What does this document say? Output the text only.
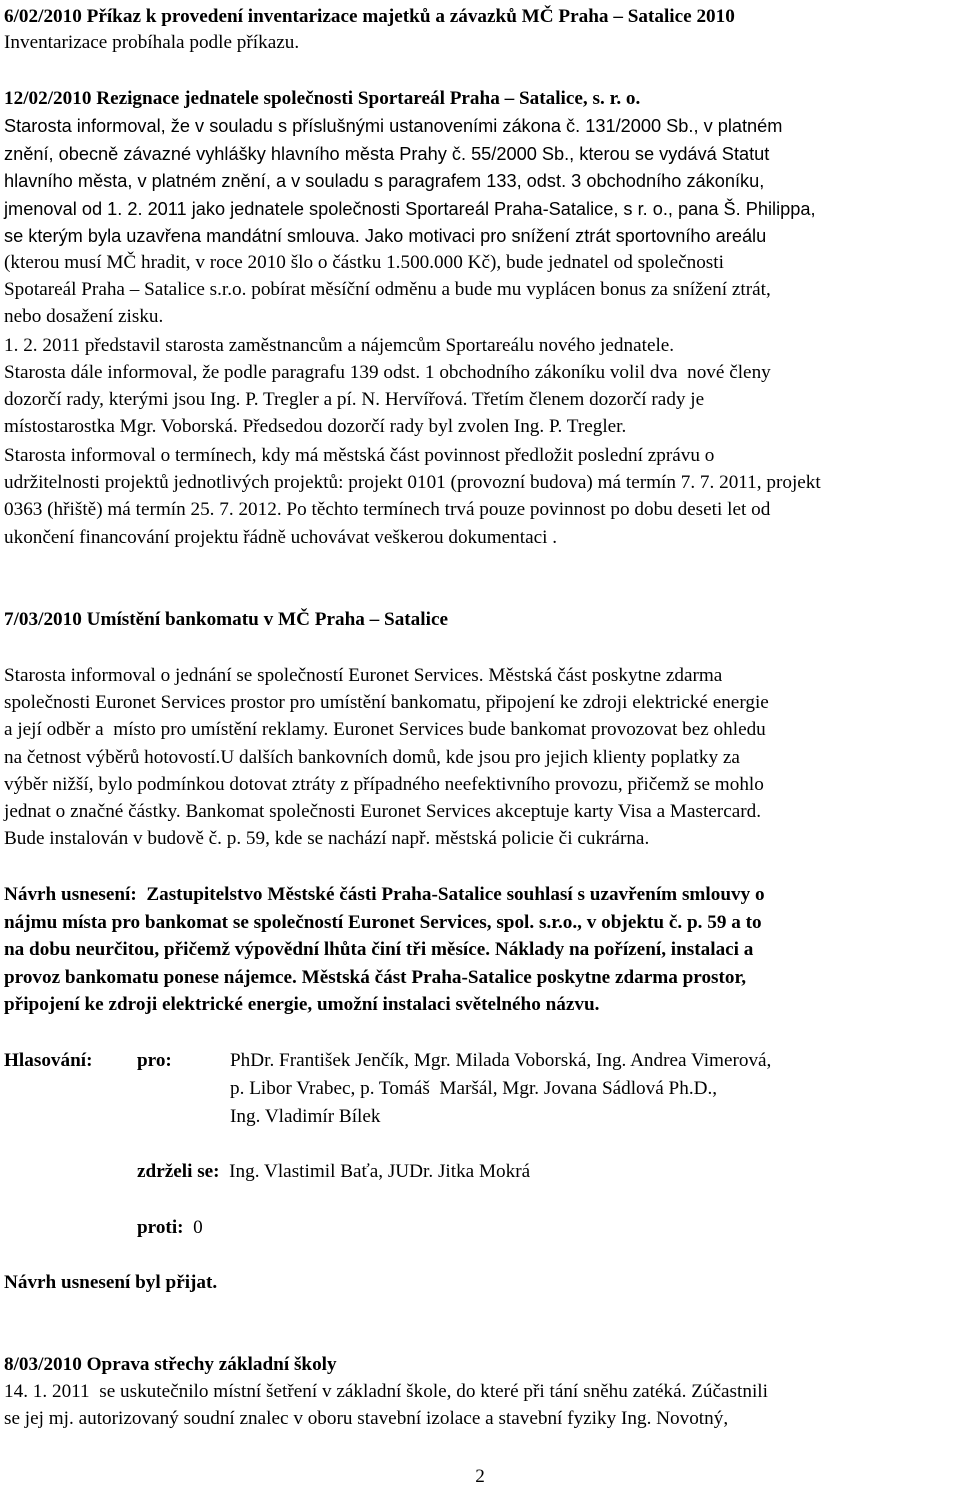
6/02/2010 Příkaz k provedení inventarizace majetků a závazků MČ Praha – Satalice 2010
Inventarizace probíhala podle příkazu.
12/02/2010 Rezignace jednatele společnosti Sportareál Praha – Satalice, s. r. o.
Starosta informoval, že v souladu s příslušnými ustanoveními zákona č. 131/2000 Sb., v platném
znění, obecně závazné vyhlášky hlavního města Prahy č. 55/2000 Sb., kterou se vydává Statut
hlavního města, v platném znění, a v souladu s paragrafem 133, odst. 3 obchodního zákoníku,
jmenoval od 1. 2. 2011 jako jednatele společnosti Sportareál Praha-Satalice, s r. o., pana Š. Philippa,
se kterým byla uzavřena mandátní smlouva. Jako motivaci pro snížení ztrát sportovního areálu
(kterou musí MČ hradit, v roce 2010 šlo o částku 1.500.000 Kč), bude jednatel od společnosti
Spotareál Praha – Satalice s.r.o. pobírat měsíční odměnu a bude mu vyplácen bonus za snížení ztrát,
nebo dosažení zisku.
1. 2. 2011 představil starosta zaměstnancům a nájemcům Sportareálu nového jednatele.
Starosta dále informoval, že podle paragrafu 139 odst. 1 obchodního zákoníku volil dva  nové členy
dozorčí rady, kterými jsou Ing. P. Tregler a pí. N. Hervířová. Třetím členem dozorčí rady je
místostarostka Mgr. Voborská. Předsedou dozorčí rady byl zvolen Ing. P. Tregler.
Starosta informoval o termínech, kdy má městská část povinnost předložit poslední zprávu o
udržitelnosti projektů jednotlivých projektů: projekt 0101 (provozní budova) má termín 7. 7. 2011, projekt
0363 (hřiště) má termín 25. 7. 2012. Po těchto termínech trvá pouze povinnost po dobu deseti let od
ukončení financování projektu řádně uchovávat veškerou dokumentaci .
7/03/2010 Umístění bankomatu v MČ Praha – Satalice
Starosta informoval o jednání se společností Euronet Services. Městská část poskytne zdarma
společnosti Euronet Services prostor pro umístění bankomatu, připojení ke zdroji elektrické energie
a její odběr a  místo pro umístění reklamy. Euronet Services bude bankomat provozovat bez ohledu
na četnost výběrů hotovostí.U dalších bankovních domů, kde jsou pro jejich klienty poplatky za
výběr nižší, bylo podmínkou dotovat ztráty z případného neefektivního provozu, přičemž se mohlo
jednat o značné částky. Bankomat společnosti Euronet Services akceptuje karty Visa a Mastercard.
Bude instalován v budově č. p. 59, kde se nachází např. městská policie či cukrárna.
Návrh usnesení: Zastupitelstvo Městské části Praha-Satalice souhlasí s uzavřením smlouvy o
nájmu místa pro bankomat se společností Euronet Services, spol. s.r.o., v objektu č. p. 59 a to
na dobu neurčitou, přičemž výpovědní lhůta činí tři měsíce. Náklady na pořízení, instalaci a
provoz bankomatu ponese nájemce. Městská část Praha-Satalice poskytne zdarma prostor,
připojení ke zdroji elektrické energie, umožní instalaci světelného názvu.
Hlasování: pro:	PhDr. František Jenčík, Mgr. Milada Voborská, Ing. Andrea Vimerová,
p. Libor Vrabec, p. Tomáš  Maršál, Mgr. Jovana Sádlová Ph.D.,
Ing. Vladimír Bílek
zdrželi se: Ing. Vlastimil Baťa, JUDr. Jitka Mokrá
proti: 0
Návrh usnesení byl přijat.
8/03/2010 Oprava střechy základní školy
14. 1. 2011  se uskutečnilo místní šetření v základní škole, do které při tání sněhu zatéká. Zúčastnili
se jej mj. autorizovaný soudní znalec v oboru stavební izolace a stavební fyziky Ing. Novotný,
2
